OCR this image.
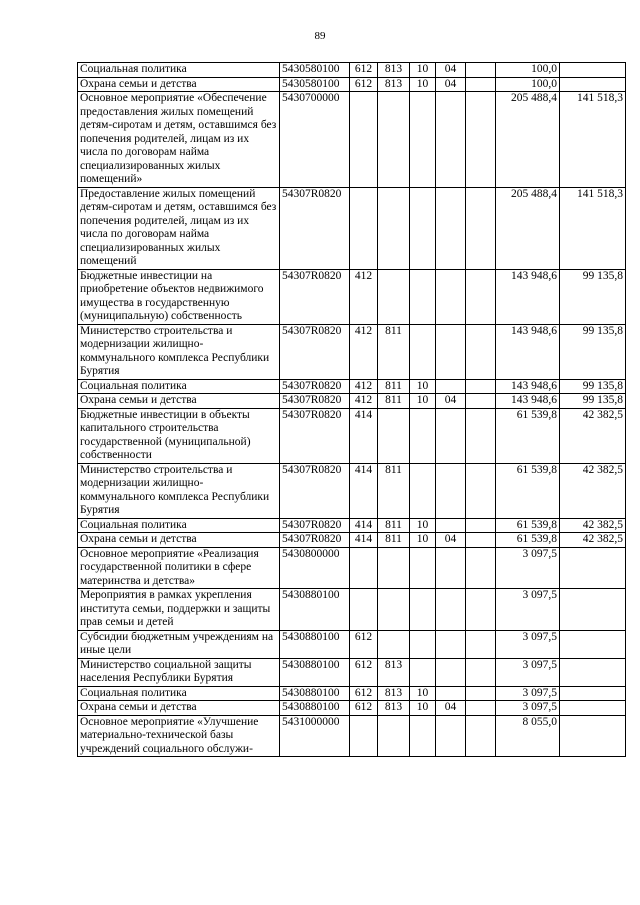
89
Социальная политика	5430580100	612	813	10	04		100,0	
Охрана семьи и детства	5430580100	612	813	10	04		100,0	
Основное мероприятие «Обеспечение предоставления жилых помещений детям-сиротам и детям, оставшимся без попечения родителей, лицам из их числа по договорам найма специализированных жилых помещений»	5430700000						205 488,4	141 518,3
Предоставление жилых помещений детям-сиротам и детям, оставшимся без попечения родителей, лицам из их числа по договорам найма специализированных жилых помещений	54307R0820						205 488,4	141 518,3
Бюджетные инвестиции на приобретение объектов недвижимого имущества в государственную (муниципальную) собственность	54307R0820	412					143 948,6	99 135,8
Министерство строительства и модернизации жилищно-коммунального комплекса Республики Бурятия	54307R0820	412	811				143 948,6	99 135,8
Социальная политика	54307R0820	412	811	10			143 948,6	99 135,8
Охрана семьи и детства	54307R0820	412	811	10	04		143 948,6	99 135,8
Бюджетные инвестиции в объекты капитального строительства государственной (муниципальной) собственности	54307R0820	414					61 539,8	42 382,5
Министерство строительства и модернизации жилищно-коммунального комплекса Республики Бурятия	54307R0820	414	811				61 539,8	42 382,5
Социальная политика	54307R0820	414	811	10			61 539,8	42 382,5
Охрана семьи и детства	54307R0820	414	811	10	04		61 539,8	42 382,5
Основное мероприятие «Реализация государственной политики в сфере материнства и детства»	5430800000						3 097,5	
Мероприятия в рамках укрепления института семьи, поддержки и защиты прав семьи и детей	5430880100						3 097,5	
Субсидии бюджетным учреждениям на иные цели	5430880100	612					3 097,5	
Министерство социальной защиты населения Республики Бурятия	5430880100	612	813				3 097,5	
Социальная политика	5430880100	612	813	10			3 097,5	
Охрана семьи и детства	5430880100	612	813	10	04		3 097,5	
Основное мероприятие «Улучшение материально-технической базы учреждений социального обслужи-	5431000000						8 055,0	
